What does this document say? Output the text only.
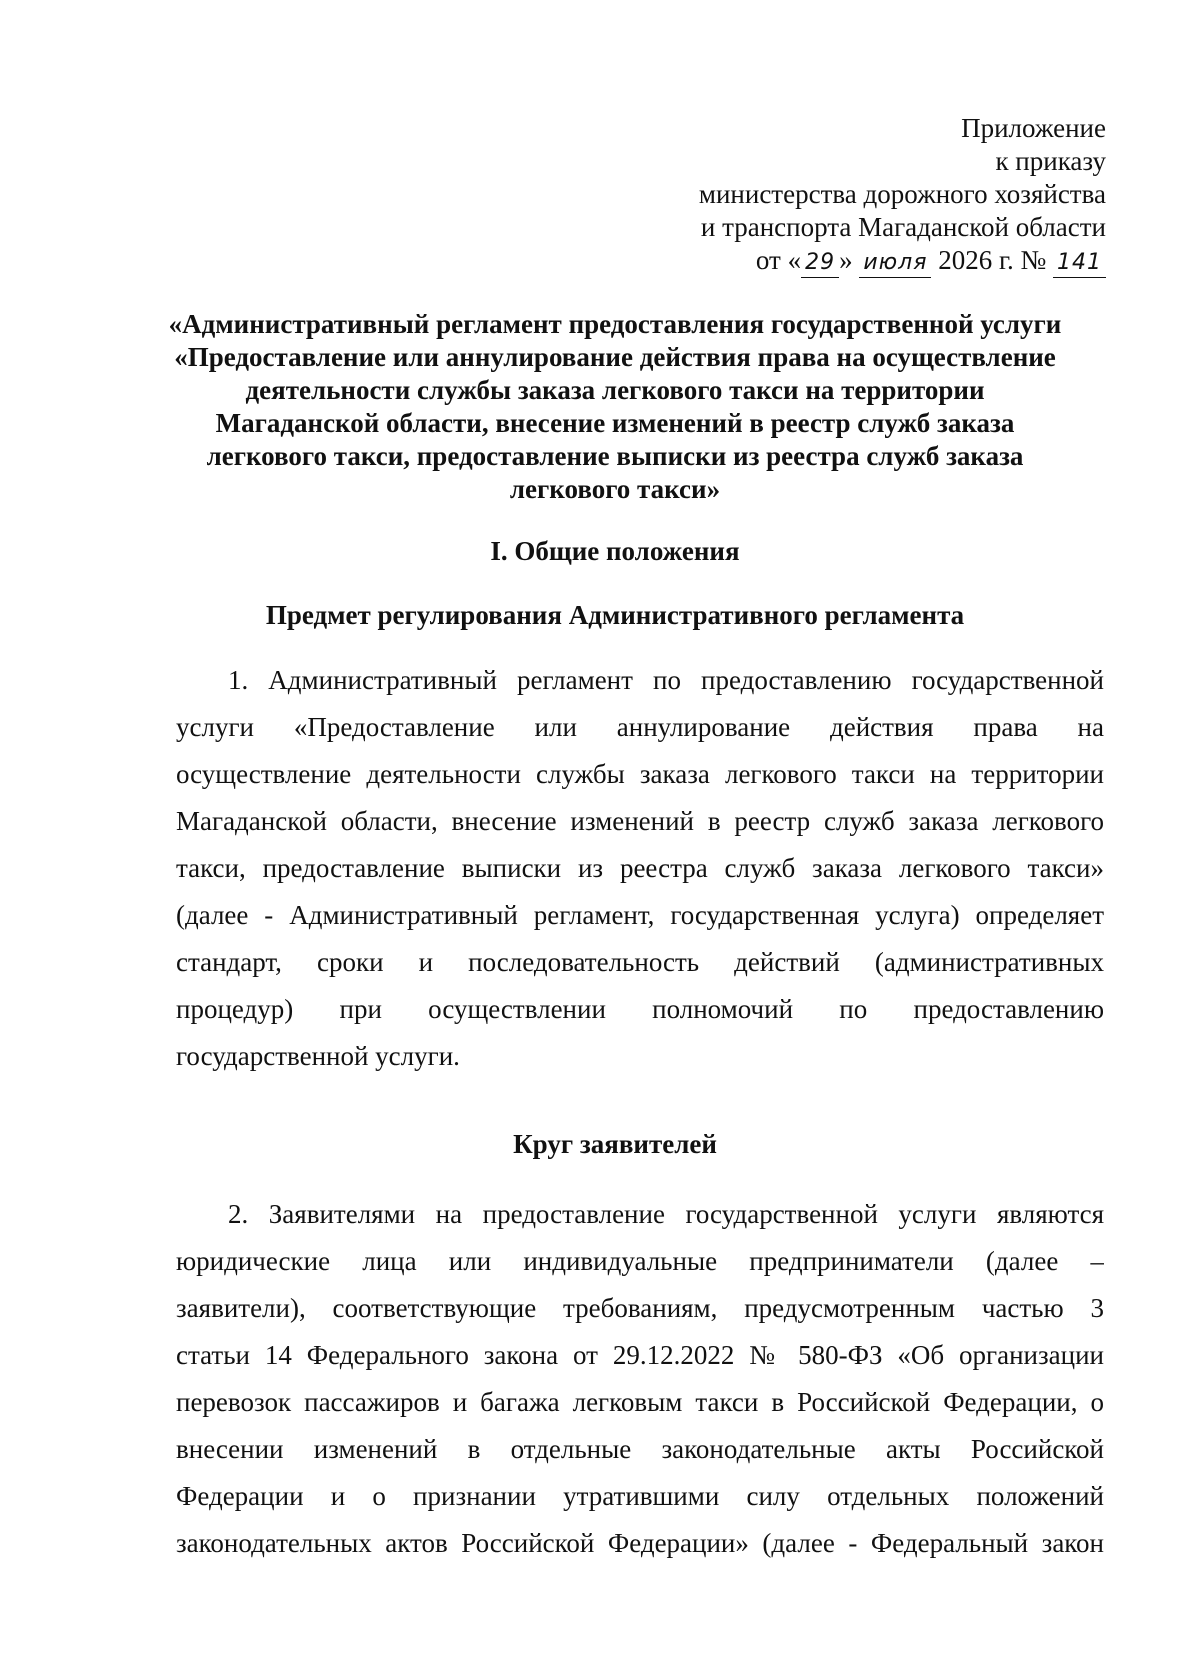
Приложение
к приказу
министерства дорожного хозяйства
и транспорта Магаданской области
от « 29 » июля 2026 г. № 141
«Административный регламент предоставления государственной услуги
«Предоставление или аннулирование действия права на осуществление
деятельности службы заказа легкового такси на территории
Магаданской области, внесение изменений в реестр служб заказа
легкового такси, предоставление выписки из реестра служб заказа
легкового такси»
I. Общие положения
Предмет регулирования Административного регламента
1. Административный регламент по предоставлению государственной
услуги «Предоставление или аннулирование действия права на
осуществление деятельности службы заказа легкового такси на территории
Магаданской области, внесение изменений в реестр служб заказа легкового
такси, предоставление выписки из реестра служб заказа легкового такси»
(далее - Административный регламент, государственная услуга) определяет
стандарт, сроки и последовательность действий (административных
процедур) при осуществлении полномочий по предоставлению
государственной услуги.
Круг заявителей
2. Заявителями на предоставление государственной услуги являются
юридические лица или индивидуальные предприниматели (далее –
заявители), соответствующие требованиям, предусмотренным частью 3
статьи 14 Федерального закона от 29.12.2022 № 580-ФЗ «Об организации
перевозок пассажиров и багажа легковым такси в Российской Федерации, о
внесении изменений в отдельные законодательные акты Российской
Федерации и о признании утратившими силу отдельных положений
законодательных актов Российской Федерации» (далее - Федеральный закон
